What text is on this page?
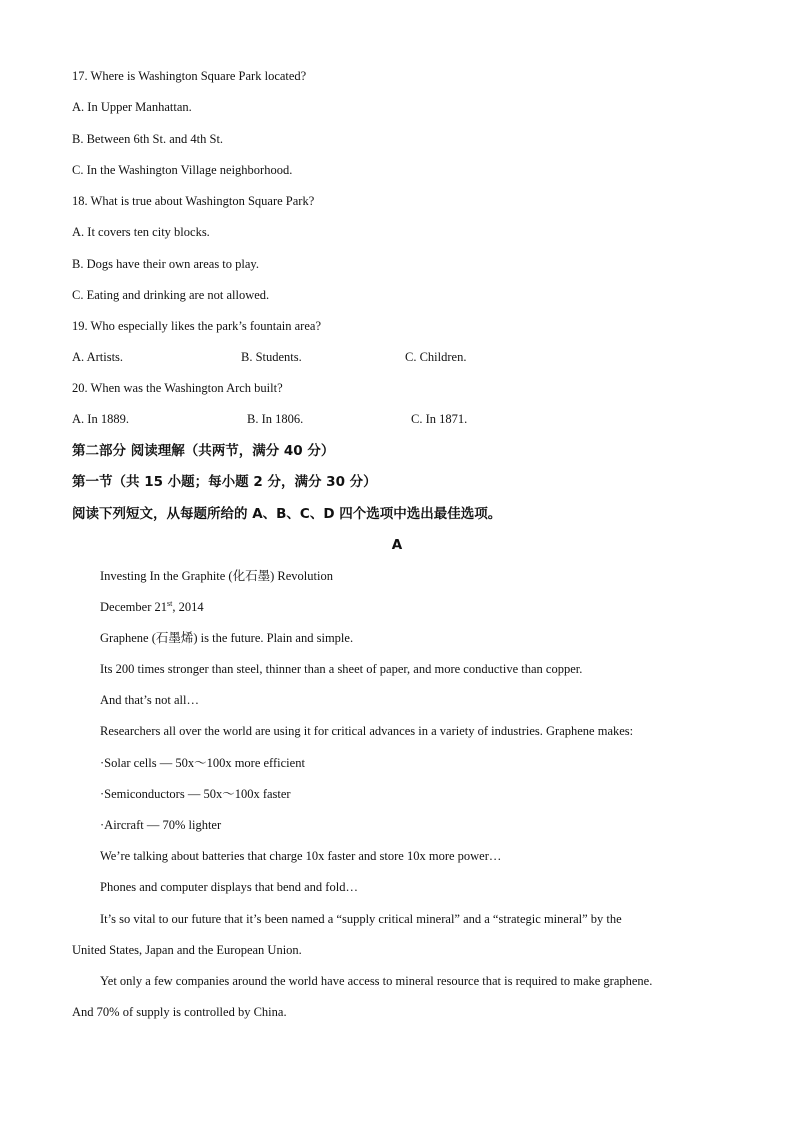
17. Where is Washington Square Park located?
A. In Upper Manhattan.
B. Between 6th St. and 4th St.
C. In the Washington Village neighborhood.
18. What is true about Washington Square Park?
A. It covers ten city blocks.
B. Dogs have their own areas to play.
C. Eating and drinking are not allowed.
19. Who especially likes the park’s fountain area?
A. Artists.	B. Students.	C. Children.
20. When was the Washington Arch built?
A. In 1889.	B. In 1806.	C. In 1871.
第二部分 阅读理解（共两节，满分 40 分）
第一节（共 15 小题；每小题 2 分，满分 30 分）
阅读下列短文，从每题所给的 A、B、C、D 四个选项中选出最佳选项。
A
Investing In the Graphite (化石墨) Revolution
December 21st, 2014
Graphene (石墨烯) is the future. Plain and simple.
Its 200 times stronger than steel, thinner than a sheet of paper, and more conductive than copper.
And that’s not all…
Researchers all over the world are using it for critical advances in a variety of industries. Graphene makes:
·Solar cells — 50x～100x more efficient
·Semiconductors — 50x～100x faster
·Aircraft — 70% lighter
We’re talking about batteries that charge 10x faster and store 10x more power…
Phones and computer displays that bend and fold…
It’s so vital to our future that it’s been named a “supply critical mineral” and a “strategic mineral” by the
United States, Japan and the European Union.
Yet only a few companies around the world have access to mineral resource that is required to make graphene.
And 70% of supply is controlled by China.
